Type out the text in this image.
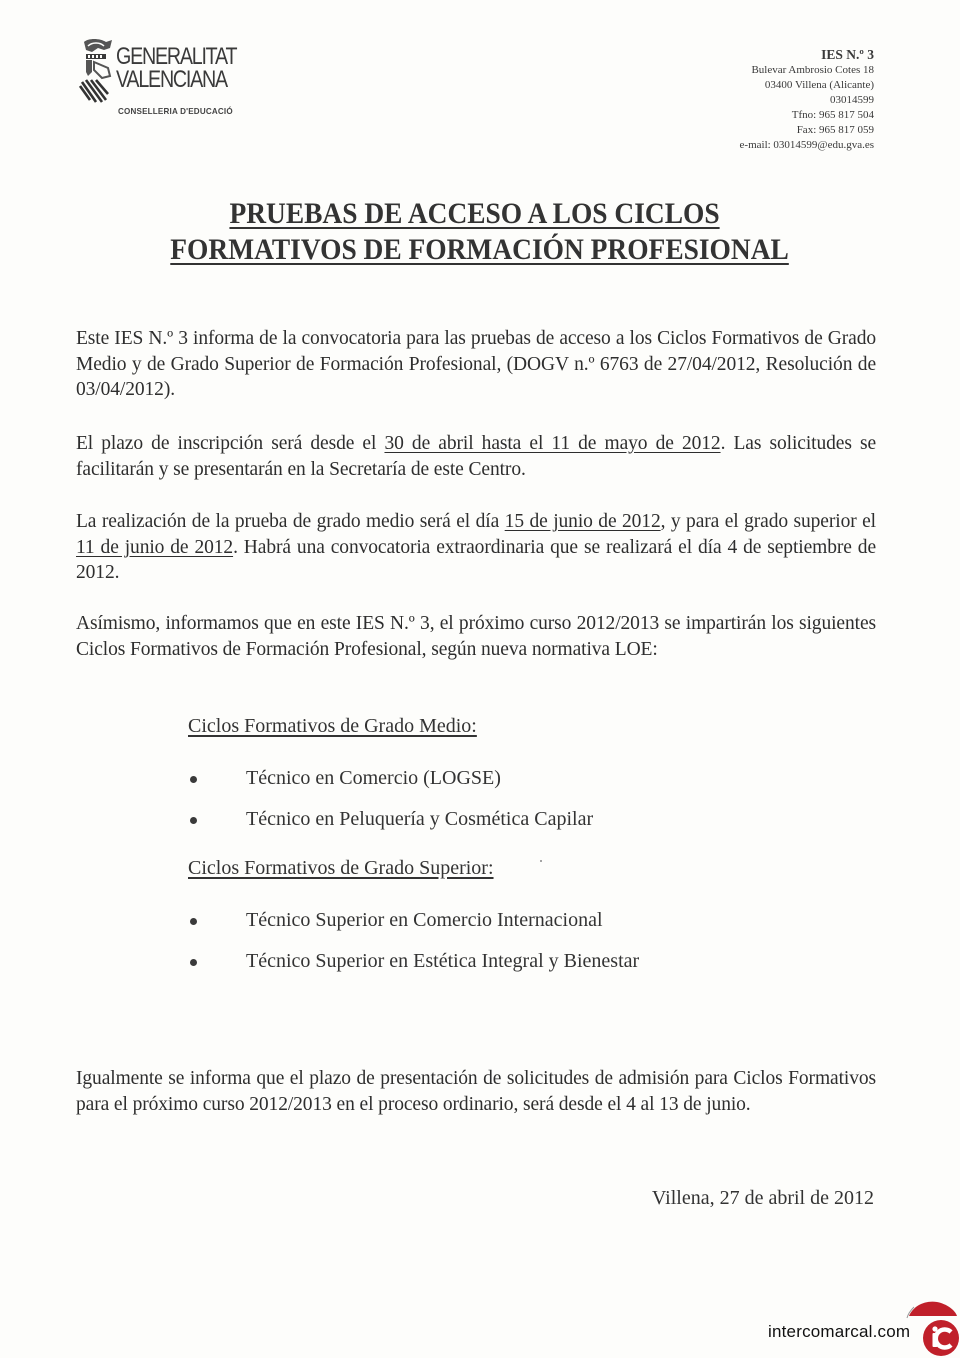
GENERALITAT
VALENCIANA
CONSELLERIA D'EDUCACIÓ
IES N.º 3
Bulevar Ambrosio Cotes 18
03400 Villena (Alicante)
03014599
Tfno: 965 817 504
Fax: 965 817 059
e-mail: 03014599@edu.gva.es
PRUEBAS DE ACCESO A LOS CICLOS
FORMATIVOS DE FORMACIÓN PROFESIONAL

Este IES N.º 3 informa de la convocatoria para las pruebas de acceso a los Ciclos Formativos de Grado Medio y de Grado Superior de Formación Profesional, (DOGV n.º 6763 de 27/04/2012, Resolución de 03/04/2012).

El plazo de inscripción será desde el 30 de abril hasta el 11 de mayo de 2012. Las solicitudes se facilitarán y se presentarán en la Secretaría de este Centro.

La realización de la prueba de grado medio será el día 15 de junio de 2012, y para el grado superior el 11 de junio de 2012. Habrá una convocatoria extraordinaria que se realizará el día 4 de septiembre de 2012.

Asímismo, informamos que en este IES N.º 3, el próximo curso 2012/2013 se impartirán los siguientes Ciclos Formativos de Formación Profesional, según nueva normativa LOE:

Ciclos Formativos de Grado Medio:
Técnico en Comercio (LOGSE)
Técnico en Peluquería y Cosmética Capilar
Ciclos Formativos de Grado Superior:
Técnico Superior en Comercio Internacional
Técnico Superior en Estética Integral y Bienestar

Igualmente se informa que el plazo de presentación de solicitudes de admisión para Ciclos Formativos para el próximo curso 2012/2013 en el proceso ordinario, será desde el 4 al 13 de junio.

Villena, 27 de abril de 2012
intercomarcal.com
